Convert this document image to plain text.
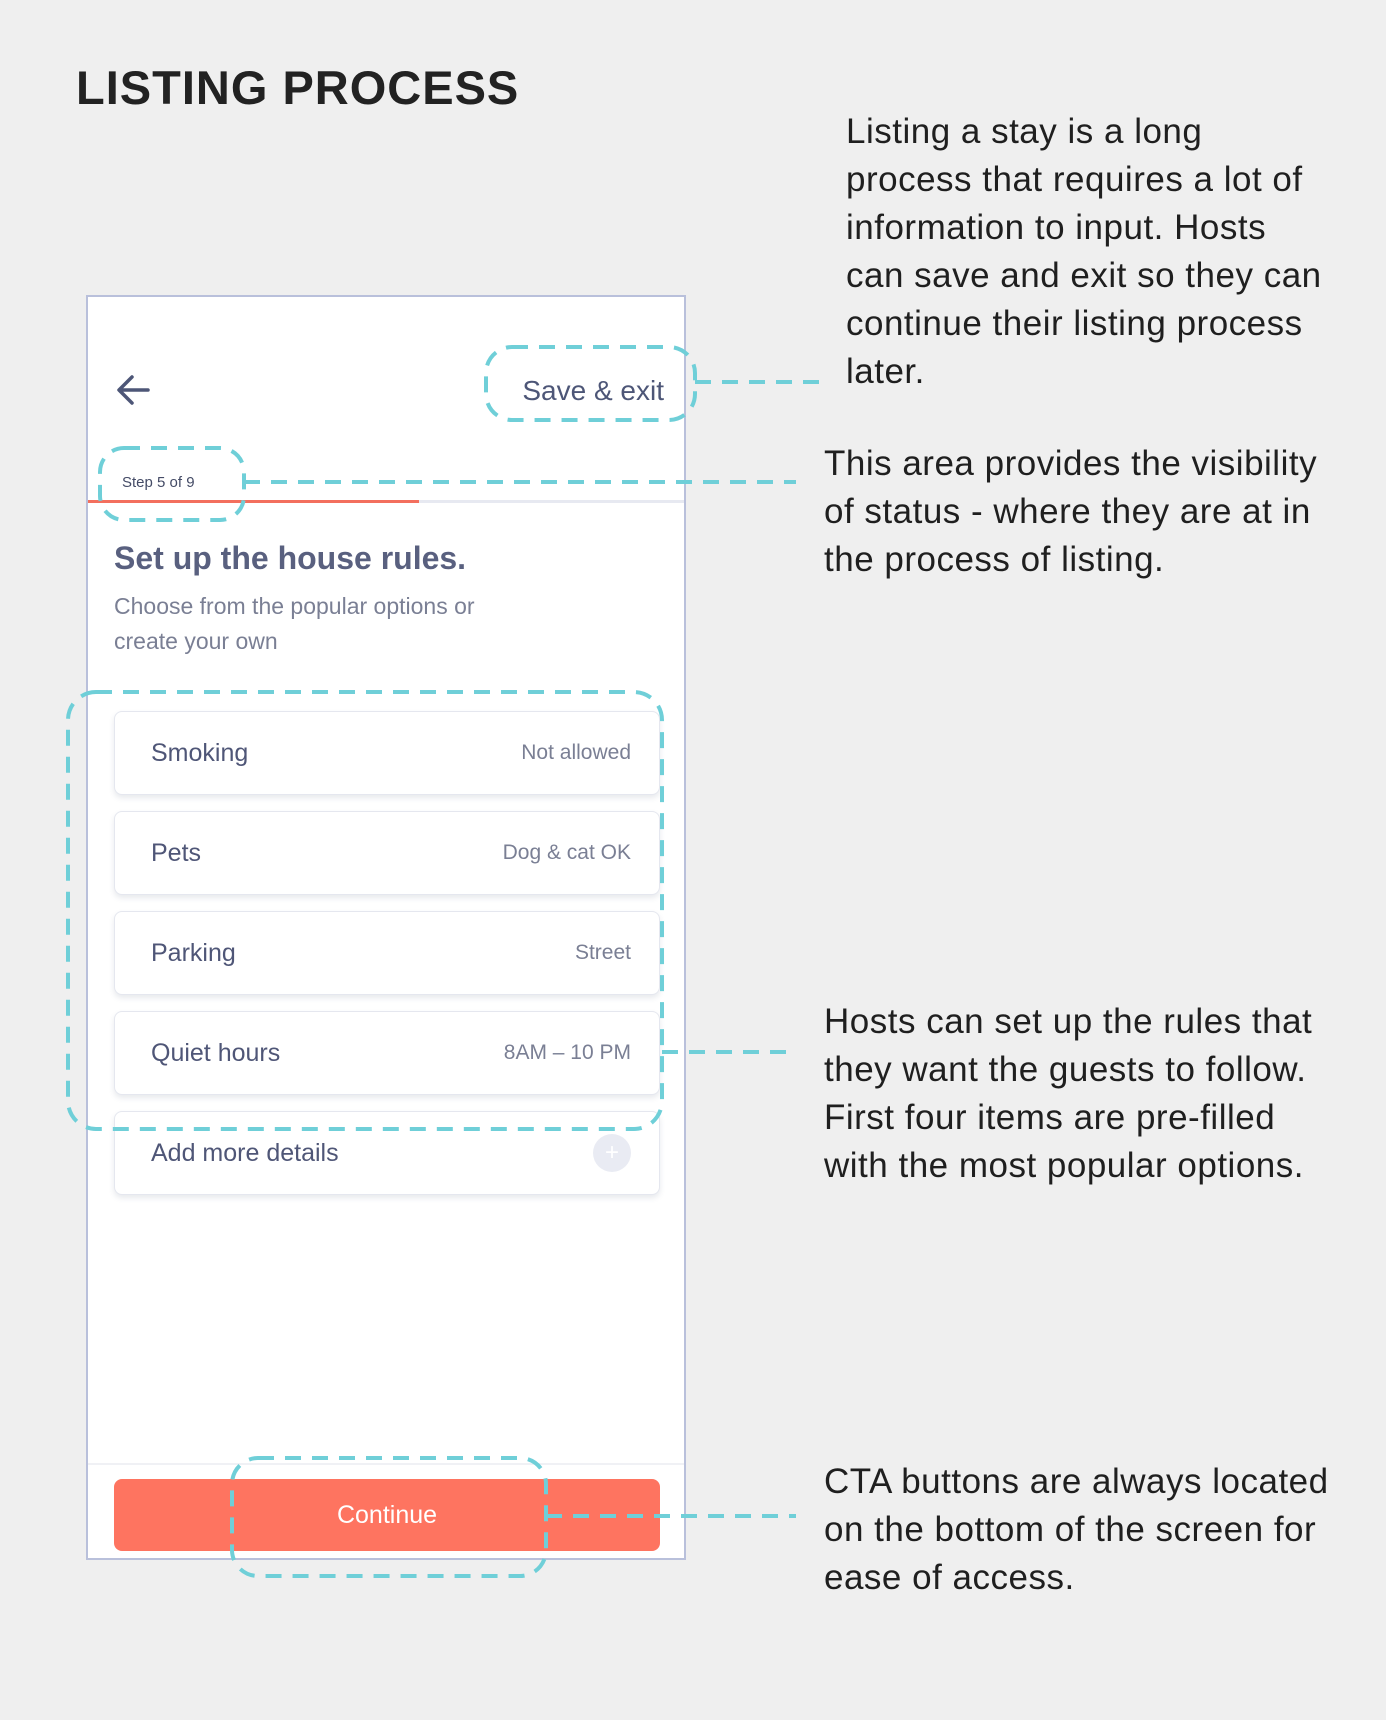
LISTING PROCESS
Save & exit
Step 5 of 9
Set up the house rules.
Choose from the popular options or create your own
Smoking	Not allowed
Pets	Dog & cat OK
Parking	Street
Quiet hours	8AM – 10 PM
Add more details	+
Continue
Listing a stay is a long process that requires a lot of information to input. Hosts can save and exit so they can continue their listing process later.
This area provides the visibility of status - where they are at in the process of listing.
Hosts can set up the rules that they want the guests to follow. First four items are pre-filled with the most popular options.
CTA buttons are always located on the bottom of the screen for ease of access.
